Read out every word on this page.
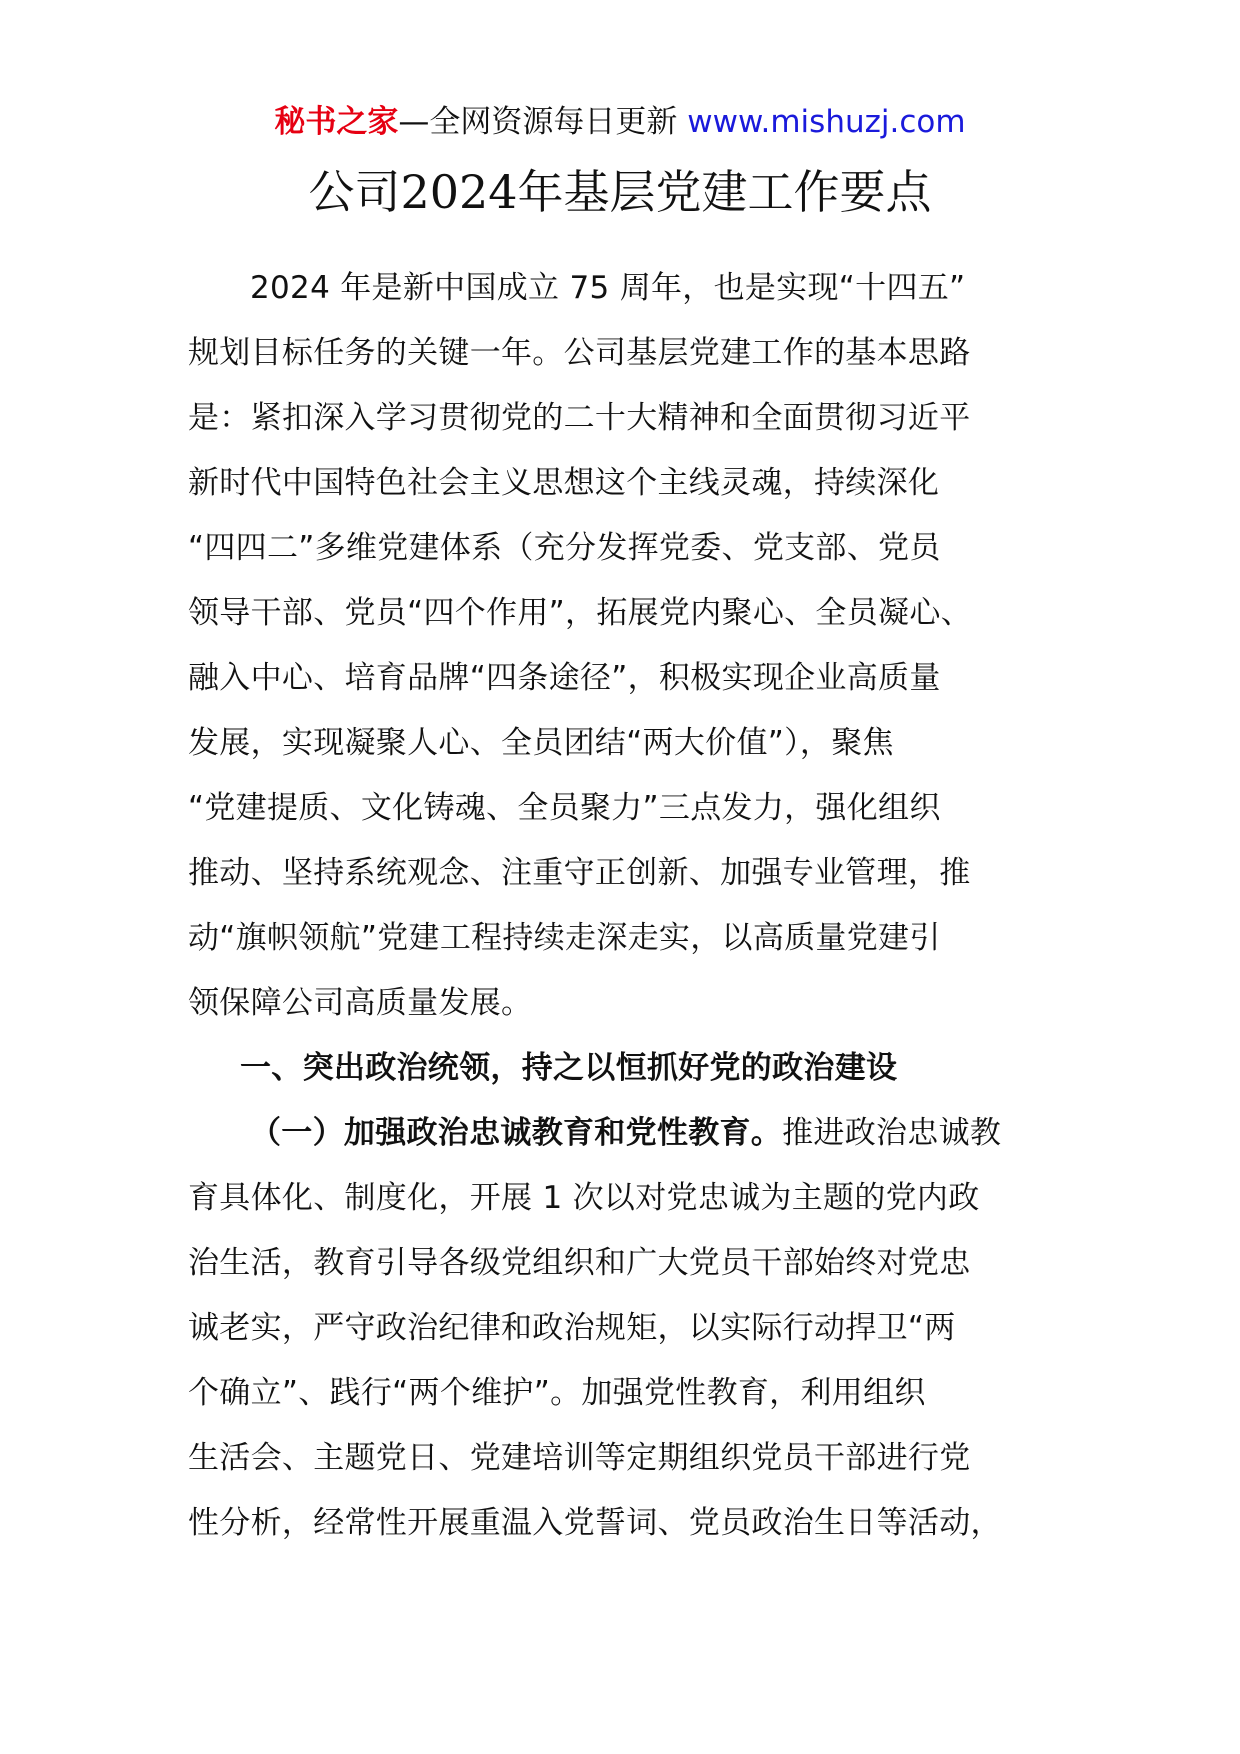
秘书之家—全网资源每日更新 www.mishuzj.com
公司2024年基层党建工作要点
2024 年是新中国成立 75 周年，也是实现“十四五”
规划目标任务的关键一年。公司基层党建工作的基本思路
是：紧扣深入学习贯彻党的二十大精神和全面贯彻习近平
新时代中国特色社会主义思想这个主线灵魂，持续深化
“四四二”多维党建体系（充分发挥党委、党支部、党员
领导干部、党员“四个作用”，拓展党内聚心、全员凝心、
融入中心、培育品牌“四条途径”，积极实现企业高质量
发展，实现凝聚人心、全员团结“两大价值”），聚焦
“党建提质、文化铸魂、全员聚力”三点发力，强化组织
推动、坚持系统观念、注重守正创新、加强专业管理，推
动“旗帜领航”党建工程持续走深走实，以高质量党建引
领保障公司高质量发展。
一、突出政治统领，持之以恒抓好党的政治建设
（一）加强政治忠诚教育和党性教育。推进政治忠诚教
育具体化、制度化，开展 1 次以对党忠诚为主题的党内政
治生活，教育引导各级党组织和广大党员干部始终对党忠
诚老实，严守政治纪律和政治规矩，以实际行动捍卫“两
个确立”、践行“两个维护”。加强党性教育，利用组织
生活会、主题党日、党建培训等定期组织党员干部进行党
性分析，经常性开展重温入党誓词、党员政治生日等活动，
